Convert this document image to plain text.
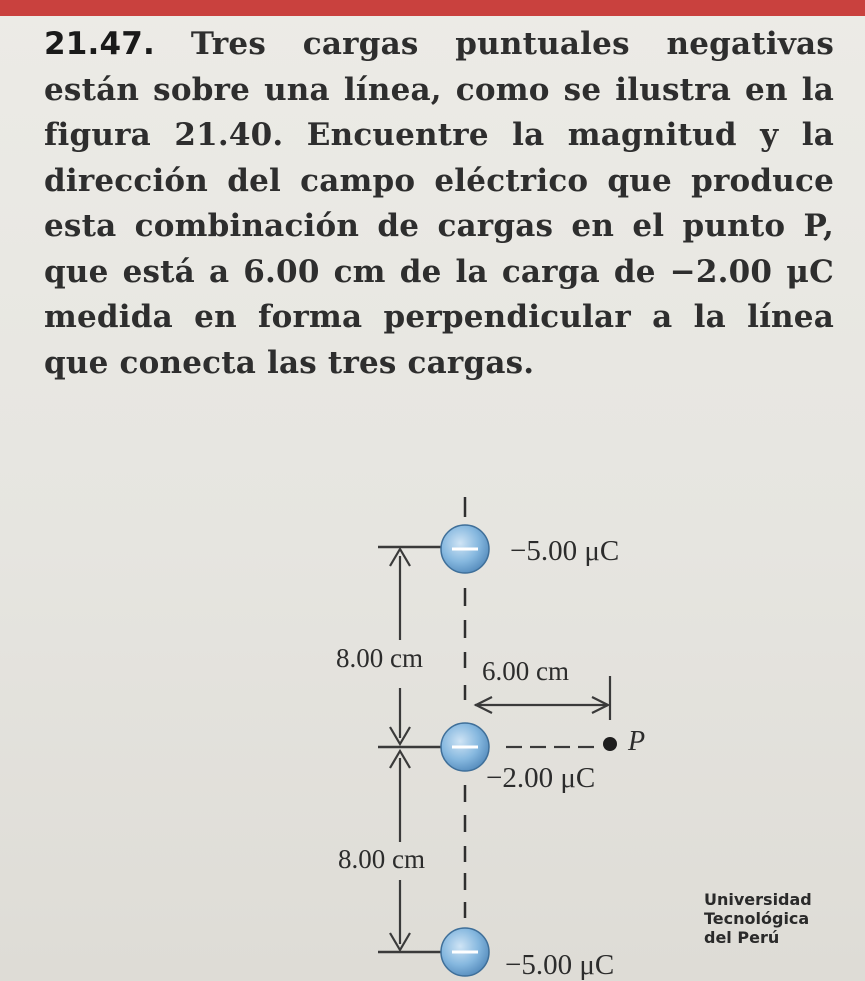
21.47. Tres cargas puntuales negativas están sobre una línea, como se ilustra en la figura 21.40. Encuentre la magnitud y la dirección del campo eléctrico que produce esta combinación de cargas en el punto P, que está a 6.00 cm de la carga de −2.00 μC medida en forma perpendicular a la línea que conecta las tres cargas.
8.00 cm
8.00 cm
6.00 cm
P
−5.00 μC
−2.00 μC
−5.00 μC
Universidad
Tecnológica
del Perú
